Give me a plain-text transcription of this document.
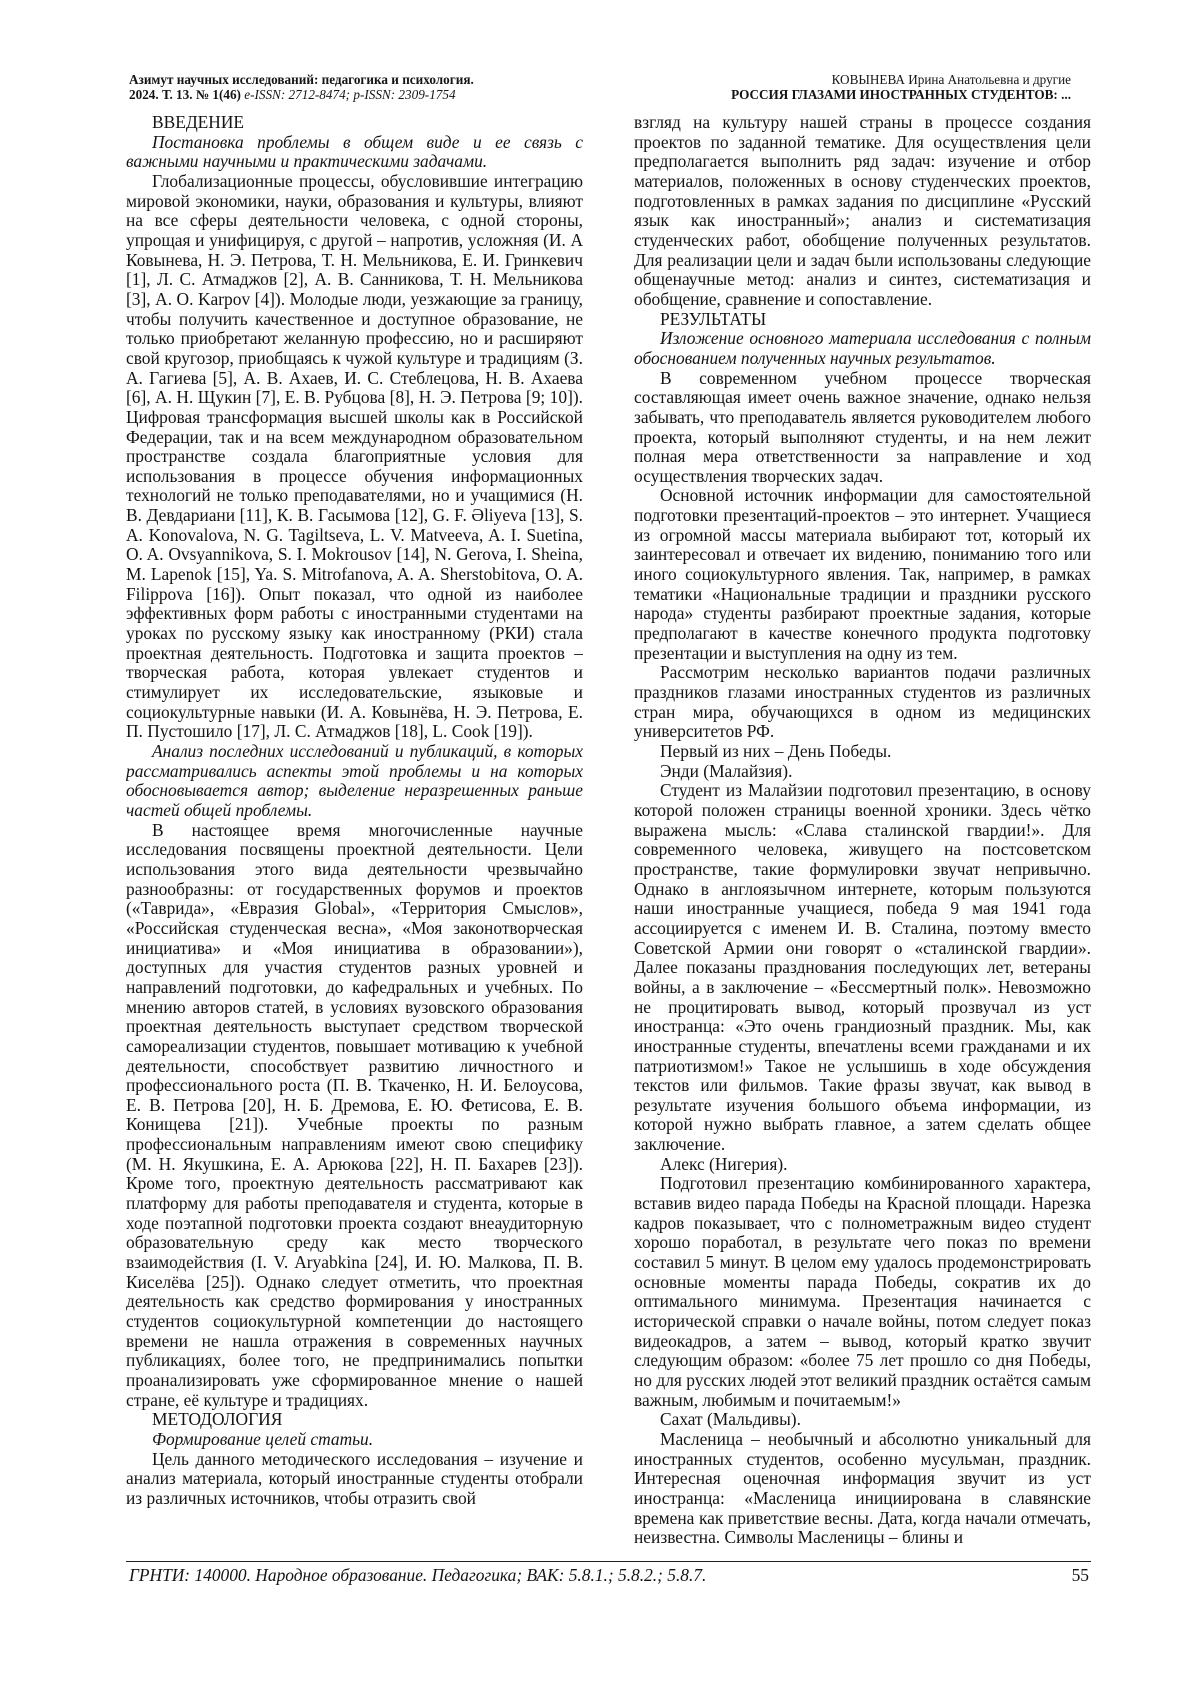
Азимут научных исследований: педагогика и психология.
2024. Т. 13. № 1(46) e-ISSN: 2712-8474; p-ISSN: 2309-1754
КОВЫНЕВА Ирина Анатольевна и другие
РОССИЯ ГЛАЗАМИ ИНОСТРАННЫХ СТУДЕНТОВ: ...

ВВЕДЕНИЕ

Постановка проблемы в общем виде и ее связь с важными научными и практическими задачами.

Глобализационные процессы, обусловившие интеграцию мировой экономики, науки, образования и культуры, влияют на все сферы деятельности человека, с одной стороны, упрощая и унифицируя, с другой – напротив, усложняя (И. А Ковынева, Н. Э. Петрова, Т. Н. Мельникова, Е. И. Гринкевич [1], Л. С. Атмаджов [2], А. В. Санникова, Т. Н. Мельникова [3], A. O. Karpov [4]). Молодые люди, уезжающие за границу, чтобы получить качественное и доступное образование, не только приобретают желанную профессию, но и расширяют свой кругозор, приобщаясь к чужой культуре и традициям (З. А. Гагиева [5], А. В. Ахаев, И. С. Стеблецова, Н. В. Ахаева [6], А. Н. Щукин [7], Е. В. Рубцова [8], Н. Э. Петрова [9; 10]). Цифровая трансформация высшей школы как в Российской Федерации, так и на всем международном образовательном пространстве создала благоприятные условия для использования в процессе обучения информационных технологий не только преподавателями, но и учащимися (Н. В. Девдариани [11], К. В. Гасымова [12], G. F. Əliyeva [13], S. A. Konovalova, N. G. Tagiltseva, L. V. Matveeva, A. I. Suetina, O. A. Ovsyannikova, S. I. Mokrousov [14], N. Gerova, I. Sheina, M. Lapenok [15], Ya. S. Mitrofanova, A. A. Sherstobitova, O. A. Filippova [16]). Опыт показал, что одной из наиболее эффективных форм работы с иностранными студентами на уроках по русскому языку как иностранному (РКИ) стала проектная деятельность. Подготовка и защита проектов – творческая работа, которая увлекает студентов и стимулирует их исследовательские, языковые и социокультурные навыки (И. А. Ковынёва, Н. Э. Петрова, Е. П. Пустошило [17], Л. С. Атмаджов [18], L. Cook [19]).

Анализ последних исследований и публикаций, в которых рассматривались аспекты этой проблемы и на которых обосновывается автор; выделение неразрешенных раньше частей общей проблемы.

В настоящее время многочисленные научные исследования посвящены проектной деятельности. Цели использования этого вида деятельности чрезвычайно разнообразны: от государственных форумов и проектов («Таврида», «Евразия Global», «Территория Смыслов», «Российская студенческая весна», «Моя законотворческая инициатива» и «Моя инициатива в образовании»), доступных для участия студентов разных уровней и направлений подготовки, до кафедральных и учебных. По мнению авторов статей, в условиях вузовского образования проектная деятельность выступает средством творческой самореализации студентов, повышает мотивацию к учебной деятельности, способствует развитию личностного и профессионального роста (П. В. Ткаченко, Н. И. Белоусова, Е. В. Петрова [20], Н. Б. Дремова, Е. Ю. Фетисова, Е. В. Конищева [21]). Учебные проекты по разным профессиональным направлениям имеют свою специфику (М. Н. Якушкина, Е. А. Арюкова [22], Н. П. Бахарев [23]). Кроме того, проектную деятельность рассматривают как платформу для работы преподавателя и студента, которые в ходе поэтапной подготовки проекта создают внеаудиторную образовательную среду как место творческого взаимодействия (I. V. Aryabkina [24], И. Ю. Малкова, П. В. Киселёва [25]). Однако следует отметить, что проектная деятельность как средство формирования у иностранных студентов социокультурной компетенции до настоящего времени не нашла отражения в современных научных публикациях, более того, не предпринимались попытки проанализировать уже сформированное мнение о нашей стране, её культуре и традициях.

МЕТОДОЛОГИЯ

Формирование целей статьи.

Цель данного методического исследования – изучение и анализ материала, который иностранные студенты отобрали из различных источников, чтобы отразить свой

взгляд на культуру нашей страны в процессе создания проектов по заданной тематике. Для осуществления цели предполагается выполнить ряд задач: изучение и отбор материалов, положенных в основу студенческих проектов, подготовленных в рамках задания по дисциплине «Русский язык как иностранный»; анализ и систематизация студенческих работ, обобщение полученных результатов. Для реализации цели и задач были использованы следующие общенаучные метод: анализ и синтез, систематизация и обобщение, сравнение и сопоставление.

РЕЗУЛЬТАТЫ

Изложение основного материала исследования с полным обоснованием полученных научных результатов.

В современном учебном процессе творческая составляющая имеет очень важное значение, однако нельзя забывать, что преподаватель является руководителем любого проекта, который выполняют студенты, и на нем лежит полная мера ответственности за направление и ход осуществления творческих задач.

Основной источник информации для самостоятельной подготовки презентаций-проектов – это интернет. Учащиеся из огромной массы материала выбирают тот, который их заинтересовал и отвечает их видению, пониманию того или иного социокультурного явления. Так, например, в рамках тематики «Национальные традиции и праздники русского народа» студенты разбирают проектные задания, которые предполагают в качестве конечного продукта подготовку презентации и выступления на одну из тем.

Рассмотрим несколько вариантов подачи различных праздников глазами иностранных студентов из различных стран мира, обучающихся в одном из медицинских университетов РФ.

Первый из них – День Победы.

Энди (Малайзия).

Студент из Малайзии подготовил презентацию, в основу которой положен страницы военной хроники. Здесь чётко выражена мысль: «Слава сталинской гвардии!». Для современного человека, живущего на постсоветском пространстве, такие формулировки звучат непривычно. Однако в англоязычном интернете, которым пользуются наши иностранные учащиеся, победа 9 мая 1941 года ассоциируется с именем И. В. Сталина, поэтому вместо Советской Армии они говорят о «сталинской гвардии». Далее показаны празднования последующих лет, ветераны войны, а в заключение – «Бессмертный полк». Невозможно не процитировать вывод, который прозвучал из уст иностранца: «Это очень грандиозный праздник. Мы, как иностранные студенты, впечатлены всеми гражданами и их патриотизмом!» Такое не услышишь в ходе обсуждения текстов или фильмов. Такие фразы звучат, как вывод в результате изучения большого объема информации, из которой нужно выбрать главное, а затем сделать общее заключение.

Алекс (Нигерия).

Подготовил презентацию комбинированного характера, вставив видео парада Победы на Красной площади. Нарезка кадров показывает, что с полнометражным видео студент хорошо поработал, в результате чего показ по времени составил 5 минут. В целом ему удалось продемонстрировать основные моменты парада Победы, сократив их до оптимального минимума. Презентация начинается с исторической справки о начале войны, потом следует показ видеокадров, а затем – вывод, который кратко звучит следующим образом: «более 75 лет прошло со дня Победы, но для русских людей этот великий праздник остаётся самым важным, любимым и почитаемым!»

Сахат (Мальдивы).

Масленица – необычный и абсолютно уникальный для иностранных студентов, особенно мусульман, праздник. Интересная оценочная информация звучит из уст иностранца: «Масленица инициирована в славянские времена как приветствие весны. Дата, когда начали отмечать, неизвестна. Символы Масленицы – блины и

ГРНТИ: 140000. Народное образование. Педагогика; ВАК: 5.8.1.; 5.8.2.; 5.8.7.	55
